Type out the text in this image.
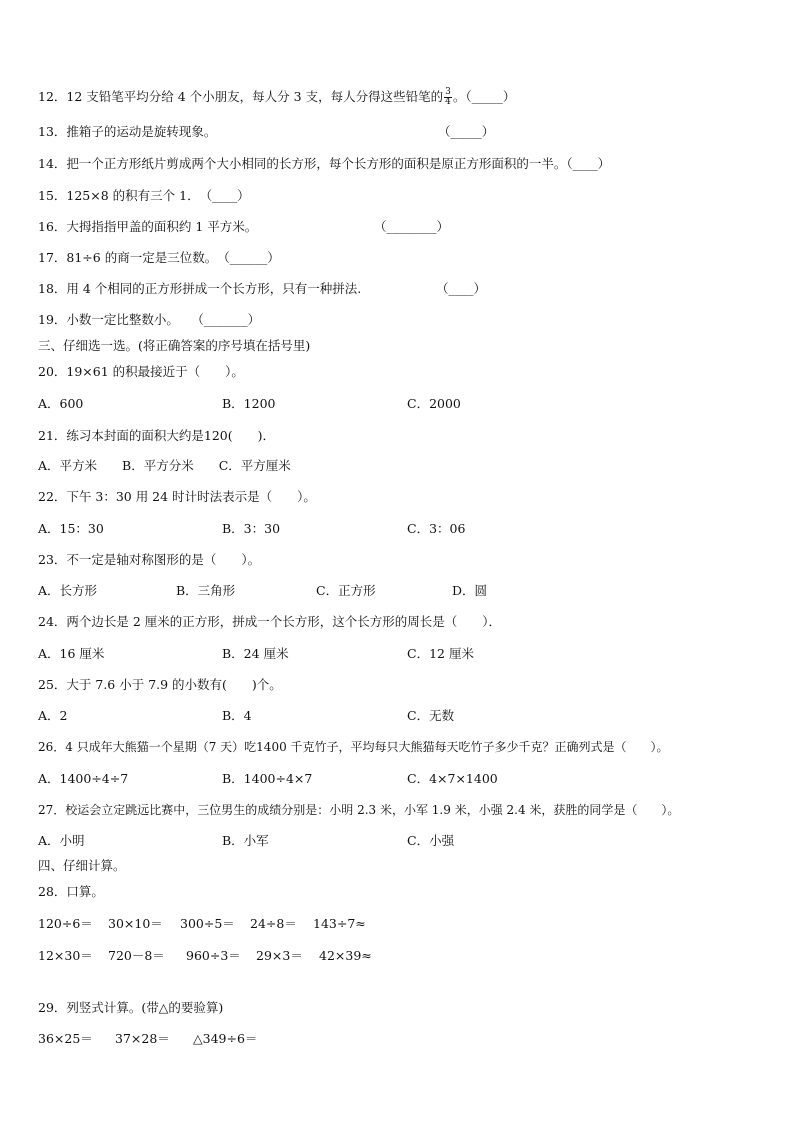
12．12 支铅笔平均分给 4 个小朋友，每人分 3 支，每人分得这些铅笔的 $\frac{3}{4}$ 。（_____）
13．推箱子的运动是旋转现象。	（_____）
14．把一个正方形纸片剪成两个大小相同的长方形，每个长方形的面积是原正方形面积的一半。（____）
15．125×8 的积有三个 1．　（____）
16．大拇指指甲盖的面积约 1 平方米。	（________）
17．81÷6 的商一定是三位数。　（______）
18．用 4 个相同的正方形拼成一个长方形，只有一种拼法.	（____）
19．小数一定比整数小。　　（_______）
三、仔细选一选。(将正确答案的序号填在括号里)
20．19×61 的积最接近于（　　）。
A．600	B．1200	C．2000
21．练习本封面的面积大约是120(　　)．
A．平方米　　B．平方分米　　C．平方厘米
22．下午 3：30 用 24 时计时法表示是（　　）。
A．15：30	B．3：30	C．3：06
23．不一定是轴对称图形的是（　　）。
A．长方形	B．三角形	C．正方形	D．圆
24．两个边长是 2 厘米的正方形，拼成一个长方形，这个长方形的周长是（　　）．
A．16 厘米	B．24 厘米	C．12 厘米
25．大于 7.6 小于 7.9 的小数有(　　)个。
A．2	B．4	C．无数
26．4 只成年大熊猫一个星期（7 天）吃1400 千克竹子，平均每只大熊猫每天吃竹子多少千克？正确列式是（　　）。
A．1400÷4÷7	B．1400÷4×7	C．4×7×1400
27．校运会立定跳远比赛中，三位男生的成绩分别是：小明 2.3 米，小军 1.9 米，小强 2.4 米，获胜的同学是（　　）。
A．小明	B．小军	C．小强
四、仔细计算。
28．口算。
120÷6＝ 30×10＝ 300÷5＝ 24÷8＝ 143÷7≈
12×30＝ 720－8＝ 960÷3＝ 29×3＝ 42×39≈
29．列竖式计算。(带△的要验算)
36×25＝ 37×28＝ △349÷6＝
